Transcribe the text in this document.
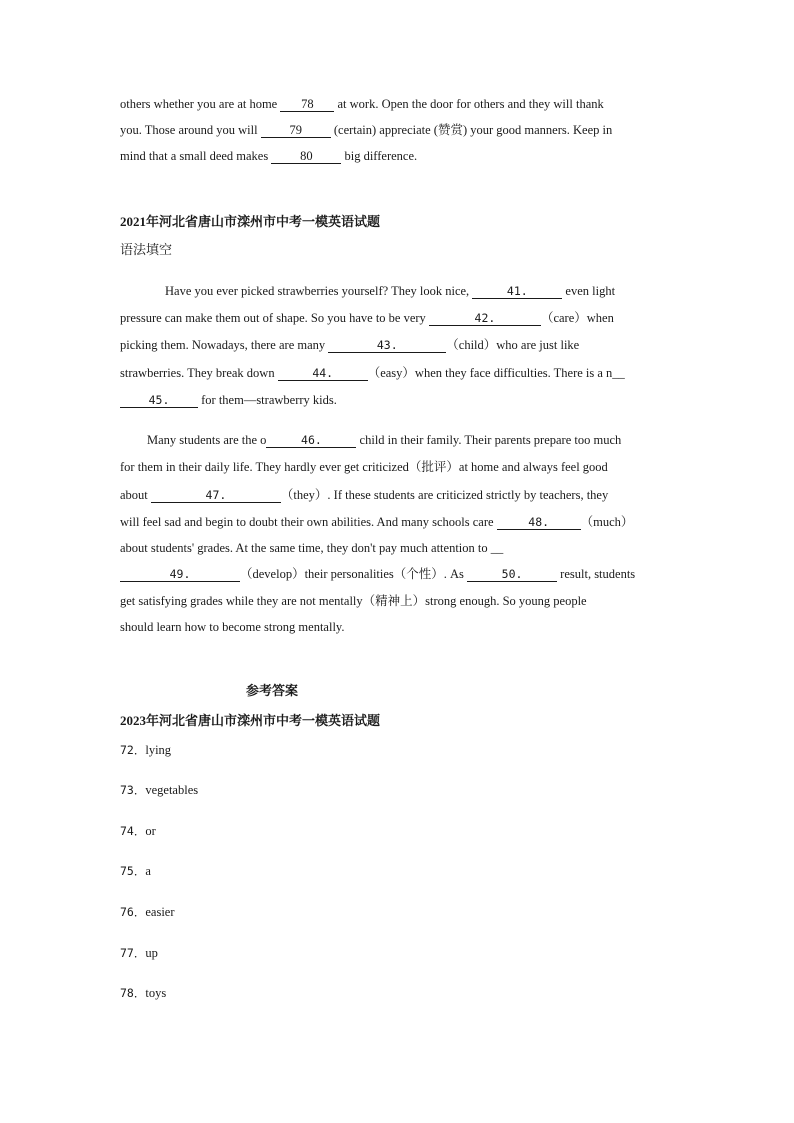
others whether you are at home 78 at work. Open the door for others and they will thank
you. Those around you will 79 (certain) appreciate (赞赏) your good manners. Keep in
mind that a small deed makes 80 big difference.
2021年河北省唐山市滦州市中考一模英语试题
语法填空
Have you ever picked strawberries yourself? They look nice,	41.	even light
pressure can make them out of shape. So you have to be very	42.	（care）when
picking them. Nowadays, there are many	43.	（child）who are just like
strawberries. They break down	44.	（easy）when they face difficulties. There is a n__
45. for them—strawberry kids.
Many students are the o	46.	child in their family. Their parents prepare too much
for them in their daily life. They hardly ever get criticized（批评）at home and always feel good
about	47.	（they）. If these students are criticized strictly by teachers, they
will feel sad and begin to doubt their own abilities. And many schools care	48.	（much）
about students' grades. At the same time, they don't pay much attention to __
49.	（develop）their personalities（个性）. As	50.	result, students
get satisfying grades while they are not mentally（精神上）strong enough. So young people
should learn how to become strong mentally.
参考答案
2023年河北省唐山市滦州市中考一模英语试题
72．lying
73．vegetables
74．or
75．a
76．easier
77．up
78．toys
